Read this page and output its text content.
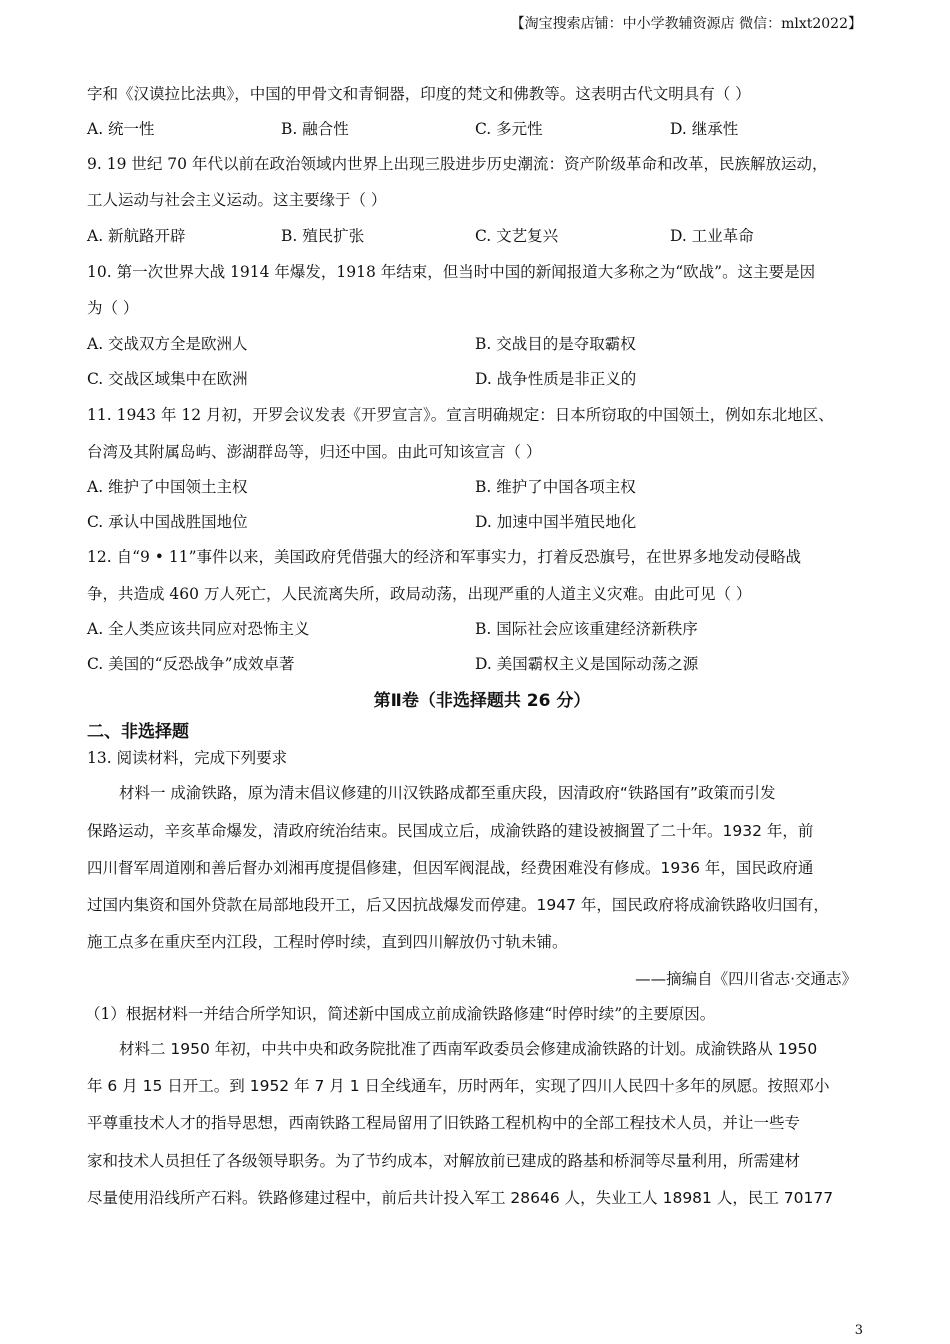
【淘宝搜索店铺：中小学教辅资源店 微信：mlxt2022】
字和《汉谟拉比法典》，中国的甲骨文和青铜器，印度的梵文和佛教等。这表明古代文明具有（ ）
A. 统一性	B. 融合性	C. 多元性	D. 继承性
9. 19 世纪 70 年代以前在政治领域内世界上出现三股进步历史潮流：资产阶级革命和改革，民族解放运动，
工人运动与社会主义运动。这主要缘于（ ）
A. 新航路开辟	B. 殖民扩张	C. 文艺复兴	D. 工业革命
10. 第一次世界大战 1914 年爆发，1918 年结束，但当时中国的新闻报道大多称之为“欧战”。这主要是因
为（ ）
A. 交战双方全是欧洲人	B. 交战目的是夺取霸权
C. 交战区域集中在欧洲	D. 战争性质是非正义的
11. 1943 年 12 月初，开罗会议发表《开罗宣言》。宣言明确规定：日本所窃取的中国领土，例如东北地区、
台湾及其附属岛屿、澎湖群岛等，归还中国。由此可知该宣言（ ）
A. 维护了中国领土主权	B. 维护了中国各项主权
C. 承认中国战胜国地位	D. 加速中国半殖民地化
12. 自“9 • 11”事件以来，美国政府凭借强大的经济和军事实力，打着反恐旗号，在世界多地发动侵略战
争，共造成 460 万人死亡，人民流离失所，政局动荡，出现严重的人道主义灾难。由此可见（ ）
A. 全人类应该共同应对恐怖主义	B. 国际社会应该重建经济新秩序
C. 美国的“反恐战争”成效卓著	D. 美国霸权主义是国际动荡之源
第Ⅱ卷（非选择题共 26 分）
二、非选择题
13. 阅读材料，完成下列要求
材料一 成渝铁路，原为清末倡议修建的川汉铁路成都至重庆段，因清政府“铁路国有”政策而引发
保路运动，辛亥革命爆发，清政府统治结束。民国成立后，成渝铁路的建设被搁置了二十年。1932 年，前
四川督军周道刚和善后督办刘湘再度提倡修建，但因军阀混战，经费困难没有修成。1936 年，国民政府通
过国内集资和国外贷款在局部地段开工，后又因抗战爆发而停建。1947 年，国民政府将成渝铁路收归国有，
施工点多在重庆至内江段，工程时停时续，直到四川解放仍寸轨未铺。
——摘编自《四川省志·交通志》
（1）根据材料一并结合所学知识，简述新中国成立前成渝铁路修建“时停时续”的主要原因。
材料二 1950 年初，中共中央和政务院批准了西南军政委员会修建成渝铁路的计划。成渝铁路从 1950
年 6 月 15 日开工。到 1952 年 7 月 1 日全线通车，历时两年，实现了四川人民四十多年的夙愿。按照邓小
平尊重技术人才的指导思想，西南铁路工程局留用了旧铁路工程机构中的全部工程技术人员，并让一些专
家和技术人员担任了各级领导职务。为了节约成本，对解放前已建成的路基和桥洞等尽量利用，所需建材
尽量使用沿线所产石料。铁路修建过程中，前后共计投入军工 28646 人，失业工人 18981 人，民工 70177
3
